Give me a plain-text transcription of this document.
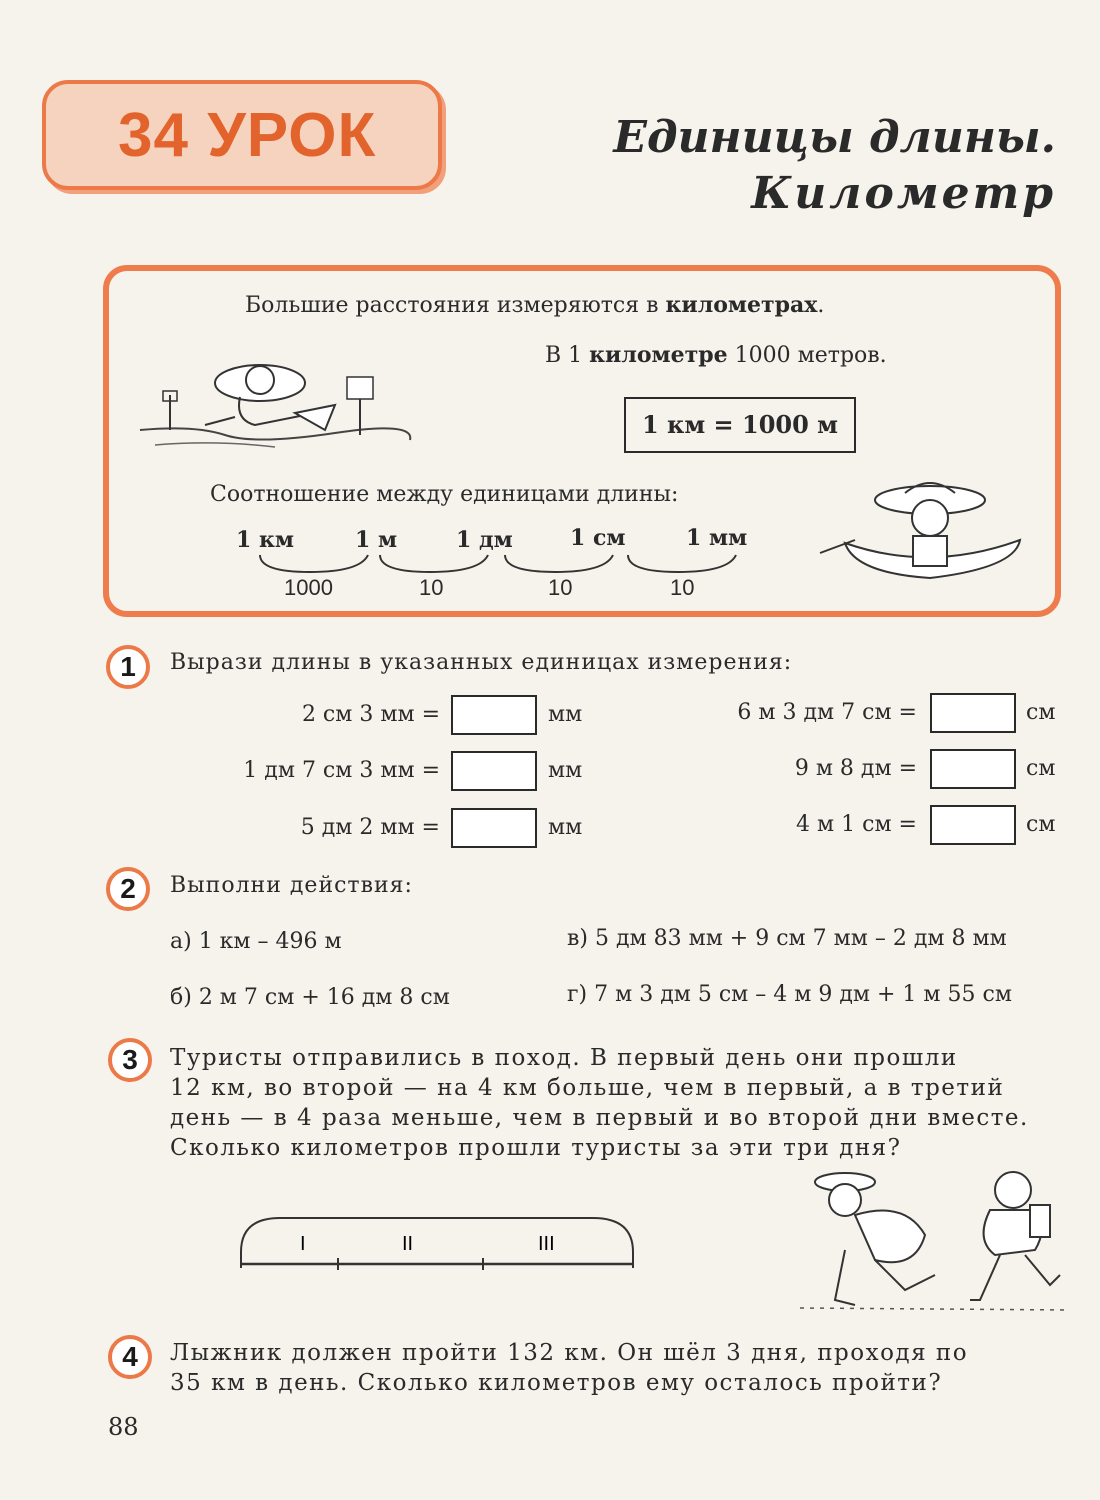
34 УРОК	Единицы длины.
Километр
Большие расстояния измеряются в километрах.
В 1 километре 1000 метров.
1 км = 1000 м
Соотношение между единицами длины:
1 км	1 м	1 дм	1 см	1 мм
1000	10	10	10
1	Вырази длины в указанных единицах измерения:
2 см 3 мм =	мм
1 дм 7 см 3 мм =	мм
5 дм 2 мм =	мм
6 м 3 дм 7 см =	см
9 м 8 дм =	см
4 м 1 см =	см
2	Выполни действия:
а) 1 км – 496 м
б) 2 м 7 см + 16 дм 8 см
в) 5 дм 83 мм + 9 см 7 мм – 2 дм 8 мм
г) 7 м 3 дм 5 см – 4 м 9 дм + 1 м 55 см
3	Туристы отправились в поход. В первый день они прошли
12 км, во второй — на 4 км больше, чем в первый, а в третий
день — в 4 раза меньше, чем в первый и во второй дни вместе.
Сколько километров прошли туристы за эти три дня?
I	II	III
4	Лыжник должен пройти 132 км. Он шёл 3 дня, проходя по
35 км в день. Сколько километров ему осталось пройти?
88
